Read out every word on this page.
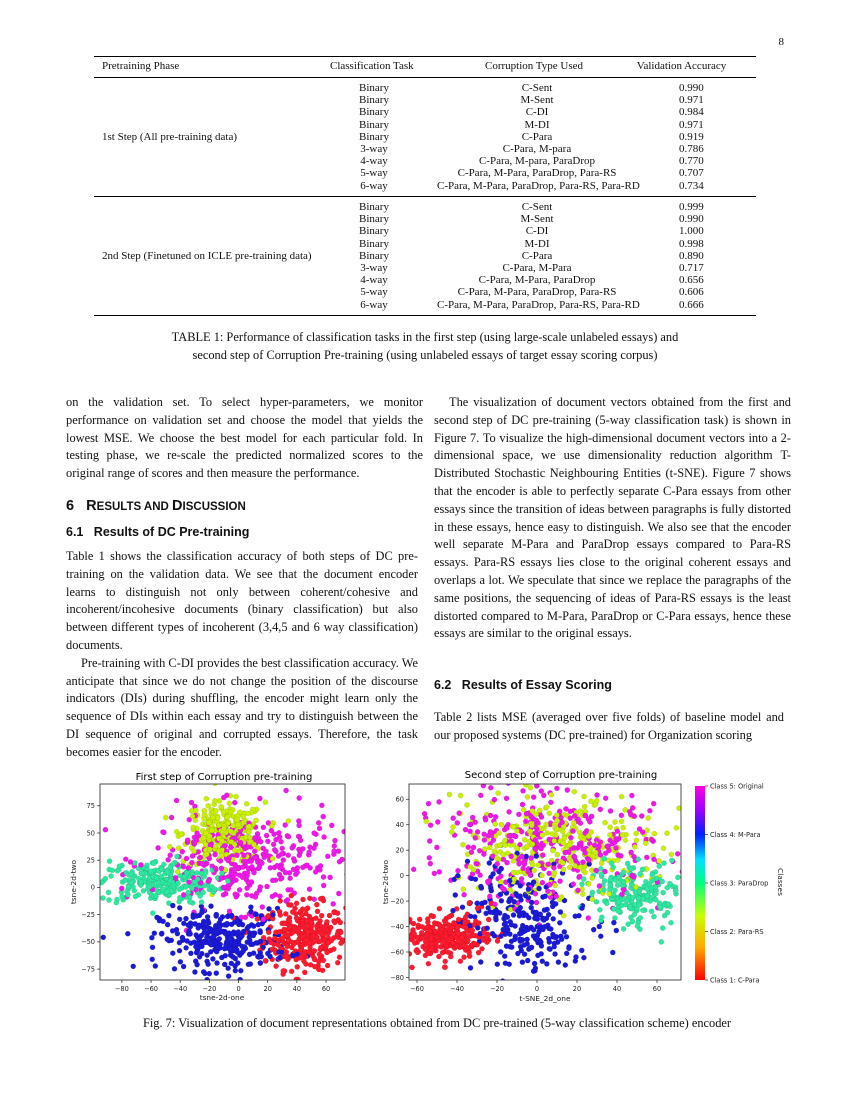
8
Pretraining Phase	Classification Task	Corruption Type Used	Validation Accuracy
1st Step (All pre-training data)
Binary	C-Sent	0.990
Binary	M-Sent	0.971
Binary	C-DI	0.984
Binary	M-DI	0.971
Binary	C-Para	0.919
3-way	C-Para, M-para	0.786
4-way	C-Para, M-para, ParaDrop	0.770
5-way	C-Para, M-Para, ParaDrop, Para-RS	0.707
6-way	C-Para, M-Para, ParaDrop, Para-RS, Para-RD	0.734
2nd Step (Finetuned on ICLE pre-training data)
Binary	C-Sent	0.999
Binary	M-Sent	0.990
Binary	C-DI	1.000
Binary	M-DI	0.998
Binary	C-Para	0.890
3-way	C-Para, M-Para	0.717
4-way	C-Para, M-Para, ParaDrop	0.656
5-way	C-Para, M-Para, ParaDrop, Para-RS	0.606
6-way	C-Para, M-Para, ParaDrop, Para-RS, Para-RD	0.666
TABLE 1: Performance of classification tasks in the first step (using large-scale unlabeled essays) and
second step of Corruption Pre-training (using unlabeled essays of target essay scoring corpus)

on the validation set. To select hyper-parameters, we monitor performance on validation set and choose the model that yields the lowest MSE. We choose the best model for each particular fold. In testing phase, we re-scale the predicted normalized scores to the original range of scores and then measure the performance.

6 RESULTS AND DISCUSSION
6.1   Results of DC Pre-training

Table 1 shows the classification accuracy of both steps of DC pre-training on the validation data. We see that the document encoder learns to distinguish not only between coherent/cohesive and incoherent/incohesive documents (binary classification) but also between different types of incoherent (3,4,5 and 6 way classification) documents.

Pre-training with C-DI provides the best classification accuracy. We anticipate that since we do not change the position of the discourse indicators (DIs) during shuffling, the encoder might learn only the sequence of DIs within each essay and try to distinguish between the DI sequence of original and corrupted essays. Therefore, the task becomes easier for the encoder.

The visualization of document vectors obtained from the first and second step of DC pre-training (5-way classification task) is shown in Figure 7. To visualize the high-dimensional document vectors into a 2-dimensional space, we use dimensionality reduction algorithm T-Distributed Stochastic Neighbouring Entities (t-SNE). Figure 7 shows that the encoder is able to perfectly separate C-Para essays from other essays since the transition of ideas between paragraphs is fully distorted in these essays, hence easy to distinguish. We also see that the encoder well separate M-Para and ParaDrop essays compared to Para-RS essays. Para-RS essays lies close to the original coherent essays and overlaps a lot. We speculate that since we replace the paragraphs of the same positions, the sequencing of ideas of Para-RS essays is the least distorted compared to M-Para, ParaDrop or C-Para essays, hence these essays are similar to the original essays.

6.2   Results of Essay Scoring

Table 2 lists MSE (averaged over five folds) of baseline model and our proposed systems (DC pre-trained) for Organization scoring

First step of Corruption pre-training	Second step of Corruption pre-training
−80 −60 −40 −20	0	20	40	60
75
50
25
0
−25
−50
−75
−60	−40	−20	0	20	40	60
60
40
20
0
−20
−40
−60
−80
tsne-2d-one
tsne-2d-two
t-SNE_2d_one
tsne-2d-two
Class 5: Original
Class 4: M-Para
Class 3: ParaDrop
Class 2: Para-RS
Class 1: C-Para
Classes
Fig. 7: Visualization of document representations obtained from DC pre-trained (5-way classification scheme) encoder
